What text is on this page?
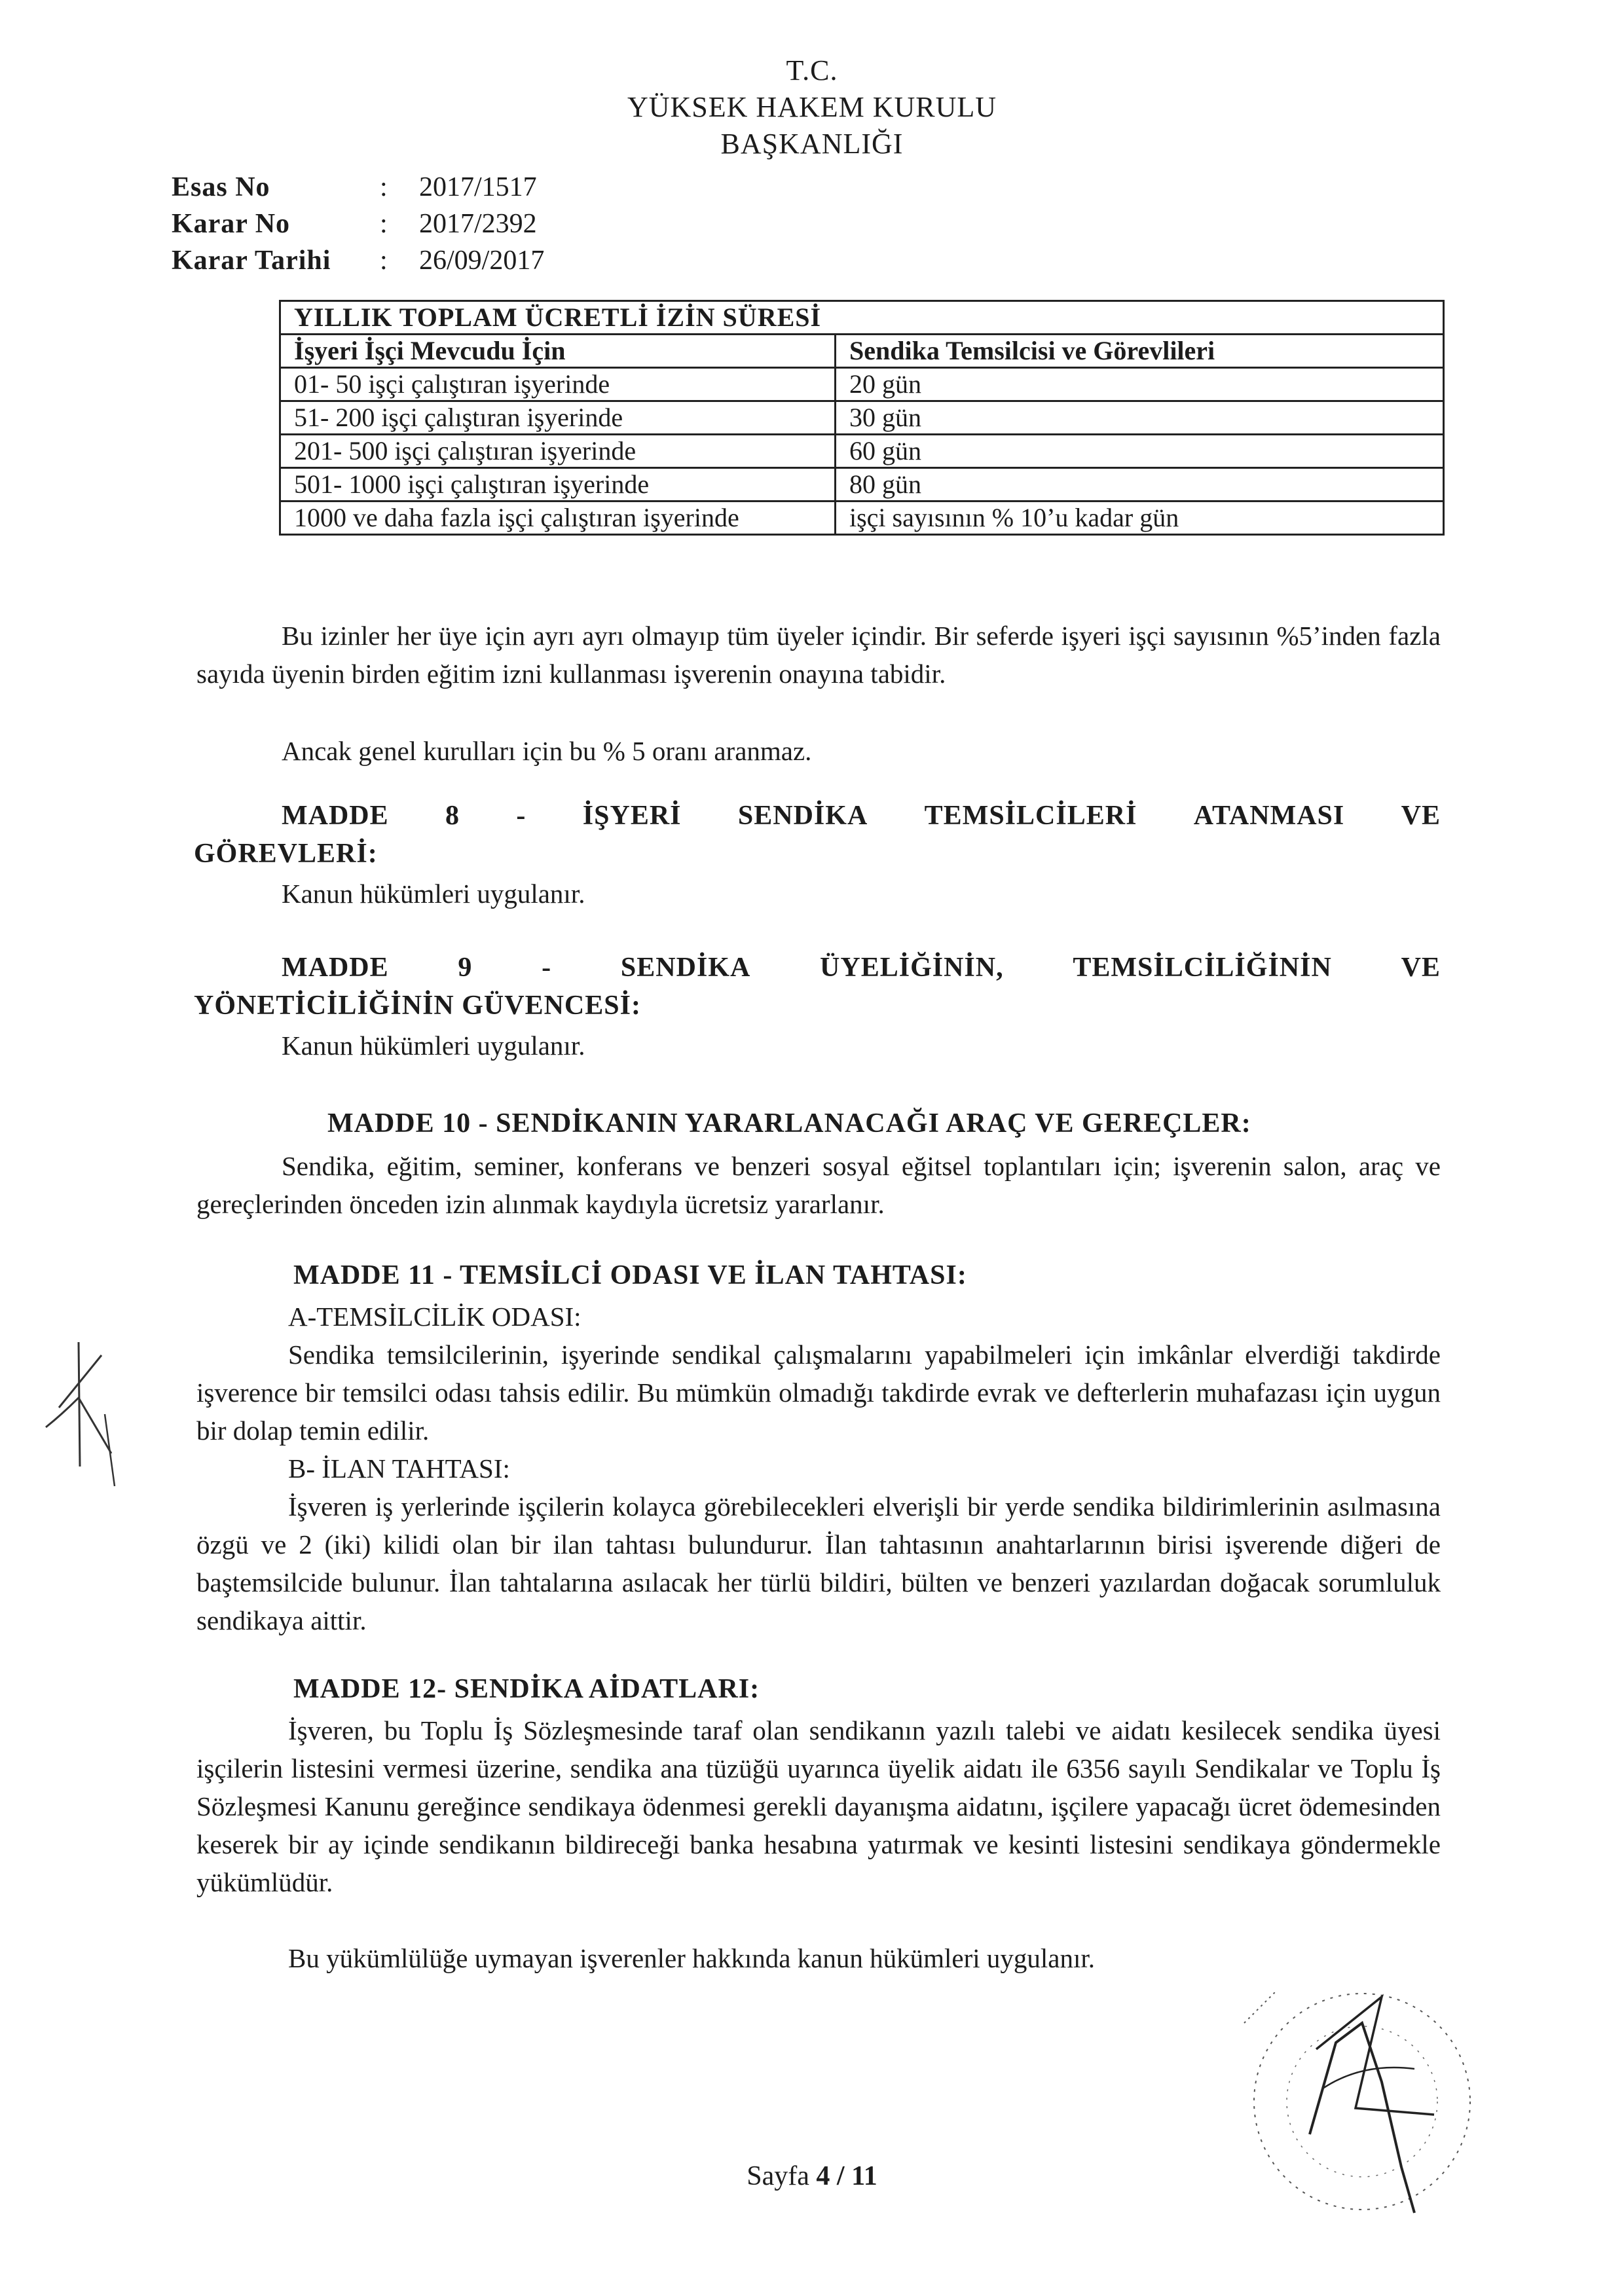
T.C.
YÜKSEK HAKEM KURULU
BAŞKANLIĞI
Esas No	: 2017/1517
Karar No	: 2017/2392
Karar Tarihi : 26/09/2017
YILLIK TOPLAM ÜCRETLİ İZİN SÜRESİ	
İşyeri İşçi Mevcudu İçin	Sendika Temsilcisi ve Görevlileri
01- 50 işçi çalıştıran işyerinde	20 gün
51- 200 işçi çalıştıran işyerinde	30 gün
201- 500 işçi çalıştıran işyerinde	60 gün
501- 1000 işçi çalıştıran işyerinde	80 gün
1000 ve daha fazla işçi çalıştıran işyerinde	işçi sayısının % 10’u kadar gün
Bu izinler her üye için ayrı ayrı olmayıp tüm üyeler içindir. Bir seferde işyeri işçi sayısının %5’inden fazla sayıda üyenin birden eğitim izni kullanması işverenin onayına tabidir.
Ancak genel kurulları için bu % 5 oranı aranmaz.
MADDE 8 - İŞYERİ SENDİKA TEMSİLCİLERİ ATANMASI VE
GÖREVLERİ:
Kanun hükümleri uygulanır.
MADDE	9	-	SENDİKA	ÜYELİĞİNİN,	TEMSİLCİLİĞİNİN	VE
YÖNETİCİLİĞİNİN GÜVENCESİ:
Kanun hükümleri uygulanır.
MADDE 10 - SENDİKANIN YARARLANACAĞI ARAÇ VE GEREÇLER:
Sendika, eğitim, seminer, konferans ve benzeri sosyal eğitsel toplantıları için; işverenin salon, araç ve gereçlerinden önceden izin alınmak kaydıyla ücretsiz yararlanır.
MADDE 11 - TEMSİLCİ ODASI VE İLAN TAHTASI:
A-TEMSİLCİLİK ODASI:
Sendika temsilcilerinin, işyerinde sendikal çalışmalarını yapabilmeleri için imkânlar elverdiği takdirde işverence bir temsilci odası tahsis edilir. Bu mümkün olmadığı takdirde evrak ve defterlerin muhafazası için uygun bir dolap temin edilir.
B- İLAN TAHTASI:
İşveren iş yerlerinde işçilerin kolayca görebilecekleri elverişli bir yerde sendika bildirimlerinin asılmasına özgü ve 2 (iki) kilidi olan bir ilan tahtası bulundurur. İlan tahtasının anahtarlarının birisi işverende diğeri de baştemsilcide bulunur. İlan tahtalarına asılacak her türlü bildiri, bülten ve benzeri yazılardan doğacak sorumluluk sendikaya aittir.
MADDE 12- SENDİKA AİDATLARI:
İşveren, bu Toplu İş Sözleşmesinde taraf olan sendikanın yazılı talebi ve aidatı kesilecek sendika üyesi işçilerin listesini vermesi üzerine, sendika ana tüzüğü uyarınca üyelik aidatı ile 6356 sayılı Sendikalar ve Toplu İş Sözleşmesi Kanunu gereğince sendikaya ödenmesi gerekli dayanışma aidatını, işçilere yapacağı ücret ödemesinden keserek bir ay içinde sendikanın bildireceği banka hesabına yatırmak ve kesinti listesini sendikaya göndermekle yükümlüdür.
Bu yükümlülüğe uymayan işverenler hakkında kanun hükümleri uygulanır.
Sayfa 4 / 11
